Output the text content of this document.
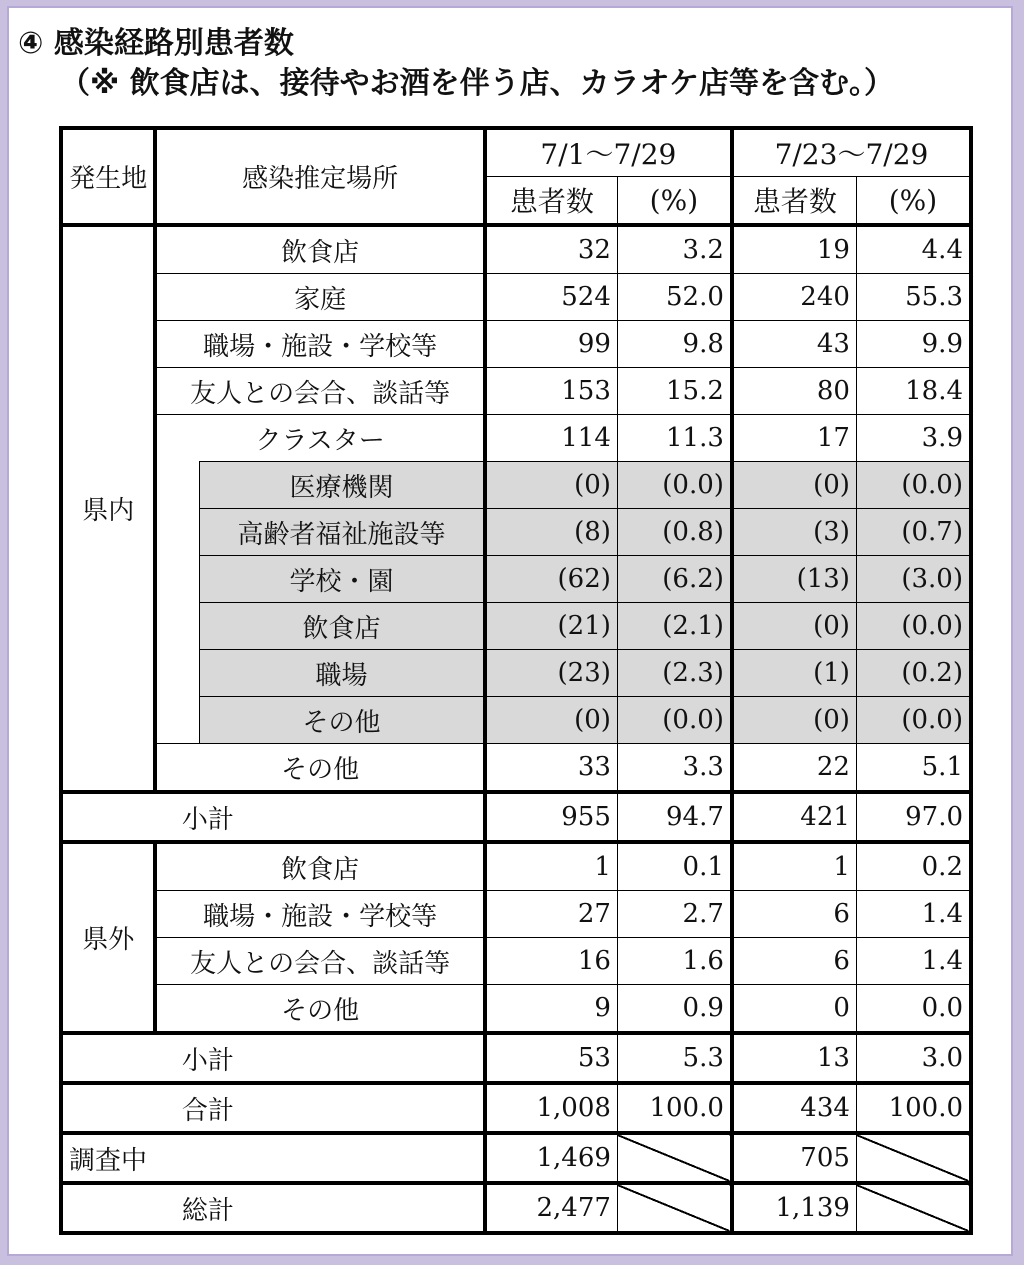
④ 感染経路別患者数
（※ 飲食店は、接待やお酒を伴う店、カラオケ店等を含む。）
発生地	感染推定場所		7/1〜7/29		7/23〜7/29	
			患者数	(%)	患者数	(%)
県内	飲食店		32	3.2	19	4.4
	家庭		524	52.0	240	55.3
	職場・施設・学校等		99	9.8	43	9.9
	友人との会合、談話等		153	15.2	80	18.4
	クラスター		114	11.3	17	3.9
		医療機関	(0)	(0.0)	(0)	(0.0)
		高齢者福祉施設等	(8)	(0.8)	(3)	(0.7)
		学校・園	(62)	(6.2)	(13)	(3.0)
		飲食店	(21)	(2.1)	(0)	(0.0)
		職場	(23)	(2.3)	(1)	(0.2)
		その他	(0)	(0.0)	(0)	(0.0)
	その他		33	3.3	22	5.1
小計			955	94.7	421	97.0
県外	飲食店		1	0.1	1	0.2
	職場・施設・学校等		27	2.7	6	1.4
	友人との会合、談話等		16	1.6	6	1.4
	その他		9	0.9	0	0.0
小計			53	5.3	13	3.0
合計			1,008	100.0	434	100.0
調査中			1,469		705	
総計			2,477		1,139	
